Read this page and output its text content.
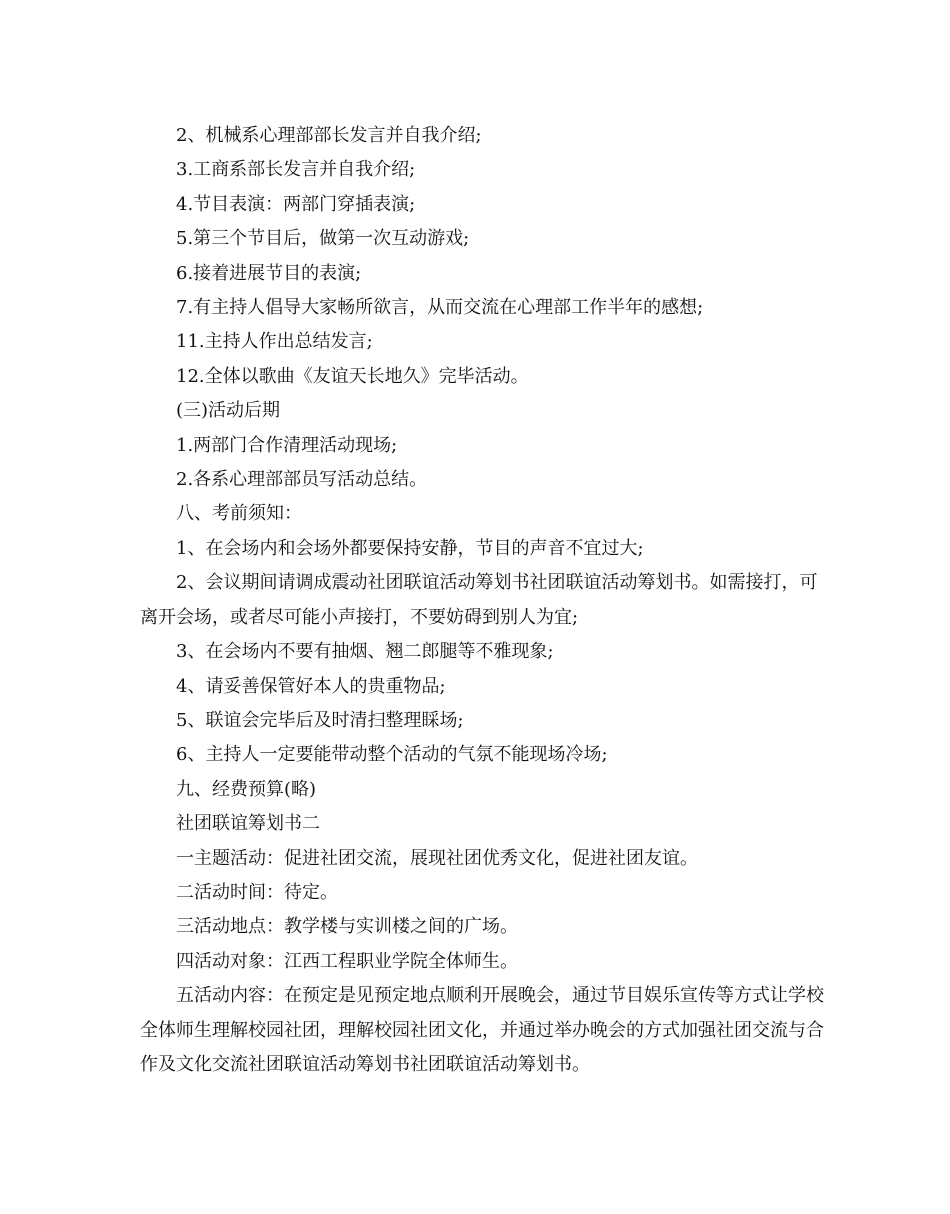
2、机械系心理部部长发言并自我介绍;

3.工商系部长发言并自我介绍;

4.节目表演：两部门穿插表演;

5.第三个节目后，做第一次互动游戏;

6.接着进展节目的表演;

7.有主持人倡导大家畅所欲言，从而交流在心理部工作半年的感想;

11.主持人作出总结发言;

12.全体以歌曲《友谊天长地久》完毕活动。

(三)活动后期

1.两部门合作清理活动现场;

2.各系心理部部员写活动总结。

八、考前须知：

1、在会场内和会场外都要保持安静，节目的声音不宜过大;

2、会议期间请调成震动社团联谊活动筹划书社团联谊活动筹划书。如需接打，可离开会场，或者尽可能小声接打，不要妨碍到别人为宜;

3、在会场内不要有抽烟、翘二郎腿等不雅现象;

4、请妥善保管好本人的贵重物品;

5、联谊会完毕后及时清扫整理睬场;

6、主持人一定要能带动整个活动的气氛不能现场冷场;

九、经费预算(略)

社团联谊筹划书二

一主题活动：促进社团交流，展现社团优秀文化，促进社团友谊。

二活动时间：待定。

三活动地点：教学楼与实训楼之间的广场。

四活动对象：江西工程职业学院全体师生。

五活动内容：在预定是见预定地点顺利开展晚会，通过节目娱乐宣传等方式让学校全体师生理解校园社团，理解校园社团文化，并通过举办晚会的方式加强社团交流与合作及文化交流社团联谊活动筹划书社团联谊活动筹划书。
